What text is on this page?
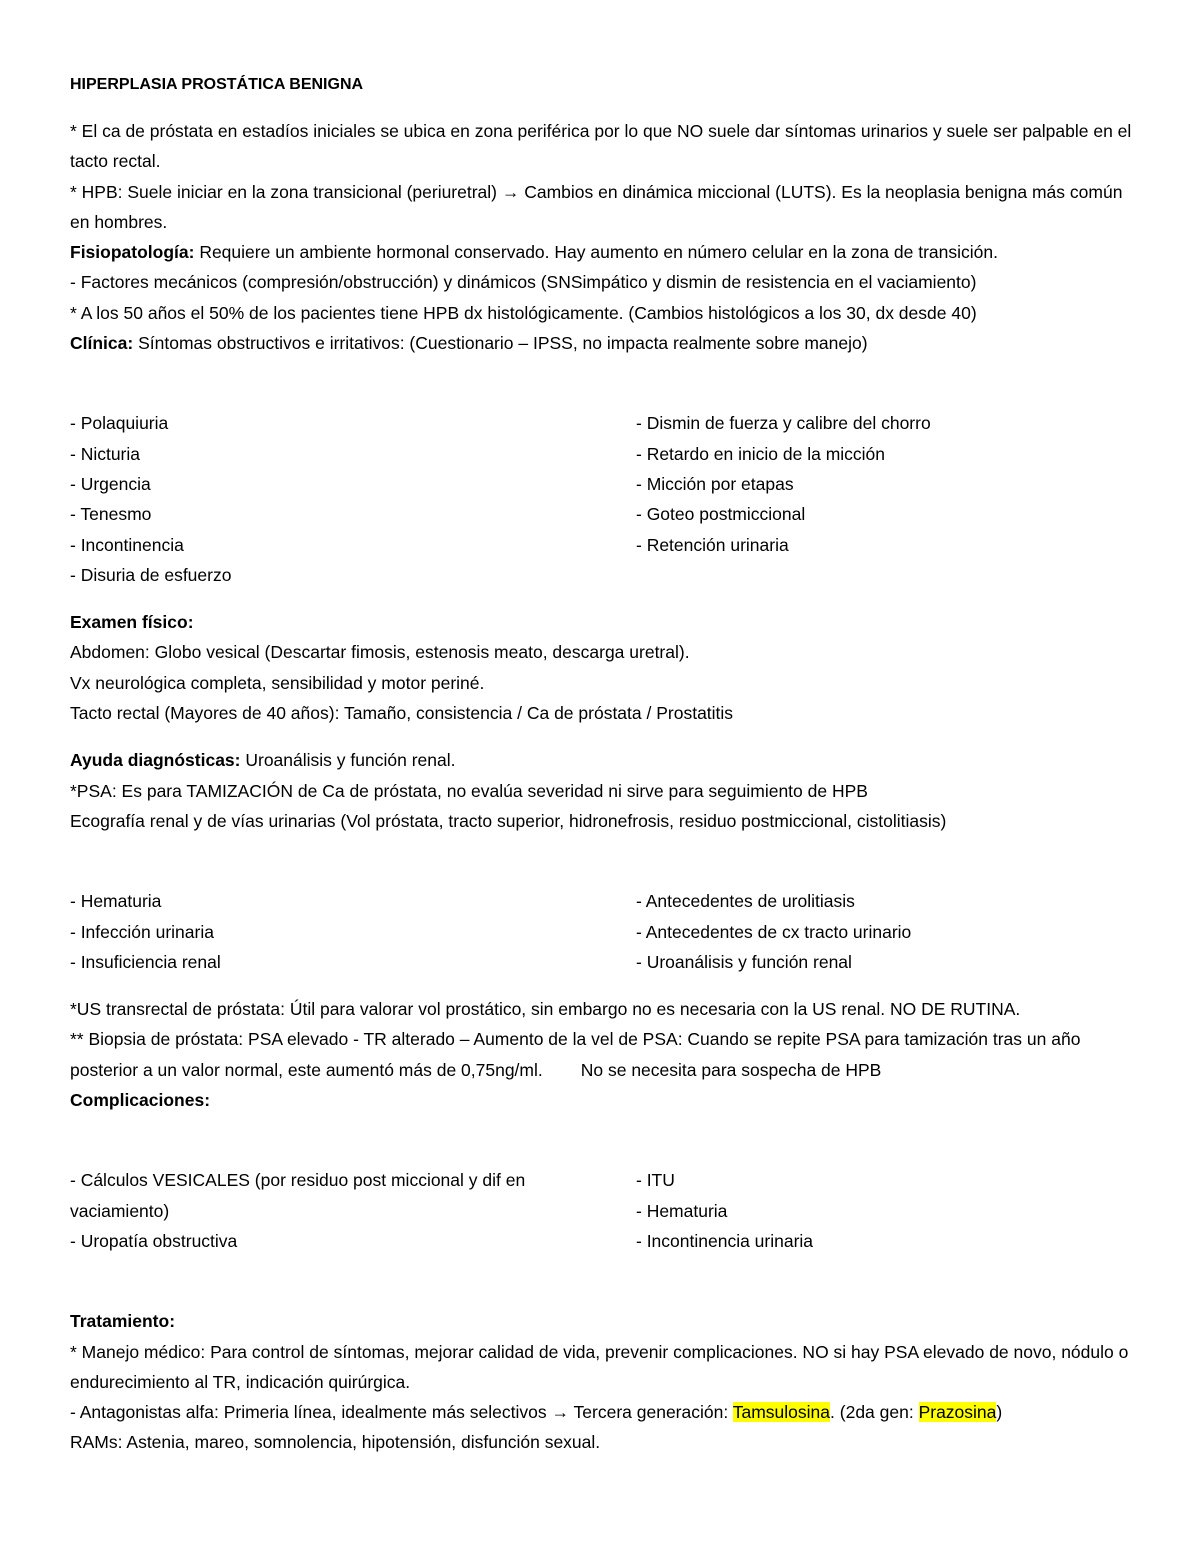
HIPERPLASIA PROSTÁTICA BENIGNA

* El ca de próstata en estadíos iniciales se ubica en zona periférica por lo que NO suele dar síntomas urinarios y suele ser palpable en el tacto rectal.

* HPB: Suele iniciar en la zona transicional (periuretral) → Cambios en dinámica miccional (LUTS). Es la neoplasia benigna más común en hombres.

Fisiopatología: Requiere un ambiente hormonal conservado. Hay aumento en número celular en la zona de transición.

- Factores mecánicos (compresión/obstrucción) y dinámicos (SNSimpático y dismin de resistencia en el vaciamiento)

* A los 50 años el 50% de los pacientes tiene HPB dx histológicamente. (Cambios histológicos a los 30, dx desde 40)

Clínica: Síntomas obstructivos e irritativos: (Cuestionario – IPSS, no impacta realmente sobre manejo)

- Polaquiuria

- Nicturia

- Urgencia

- Tenesmo

- Incontinencia

- Disuria de esfuerzo

- Dismin de fuerza y calibre del chorro

- Retardo en inicio de la micción

- Micción por etapas

- Goteo postmiccional

- Retención urinaria

Examen físico:

Abdomen: Globo vesical (Descartar fimosis, estenosis meato, descarga uretral).

Vx neurológica completa, sensibilidad y motor periné.

Tacto rectal (Mayores de 40 años): Tamaño, consistencia / Ca de próstata / Prostatitis

Ayuda diagnósticas: Uroanálisis y función renal.

*PSA: Es para TAMIZACIÓN de Ca de próstata, no evalúa severidad ni sirve para seguimiento de HPB

Ecografía renal y de vías urinarias (Vol próstata, tracto superior, hidronefrosis, residuo postmiccional, cistolitiasis)

- Hematuria

- Infección urinaria

- Insuficiencia renal

- Antecedentes de urolitiasis

- Antecedentes de cx tracto urinario

- Uroanálisis y función renal

*US transrectal de próstata: Útil para valorar vol prostático, sin embargo no es necesaria con la US renal. NO DE RUTINA.

** Biopsia de próstata: PSA elevado - TR alterado – Aumento de la vel de PSA: Cuando se repite PSA para tamización tras un año posterior a un valor normal, este aumentó más de 0,75ng/ml. No se necesita para sospecha de HPB

Complicaciones:

- Cálculos VESICALES (por residuo post miccional y dif en vaciamiento)

- Uropatía obstructiva

- ITU

- Hematuria

- Incontinencia urinaria

Tratamiento:

* Manejo médico: Para control de síntomas, mejorar calidad de vida, prevenir complicaciones. NO si hay PSA elevado de novo, nódulo o endurecimiento al TR, indicación quirúrgica.

- Antagonistas alfa: Primeria línea, idealmente más selectivos → Tercera generación: Tamsulosina. (2da gen: Prazosina)

RAMs: Astenia, mareo, somnolencia, hipotensión, disfunción sexual.
